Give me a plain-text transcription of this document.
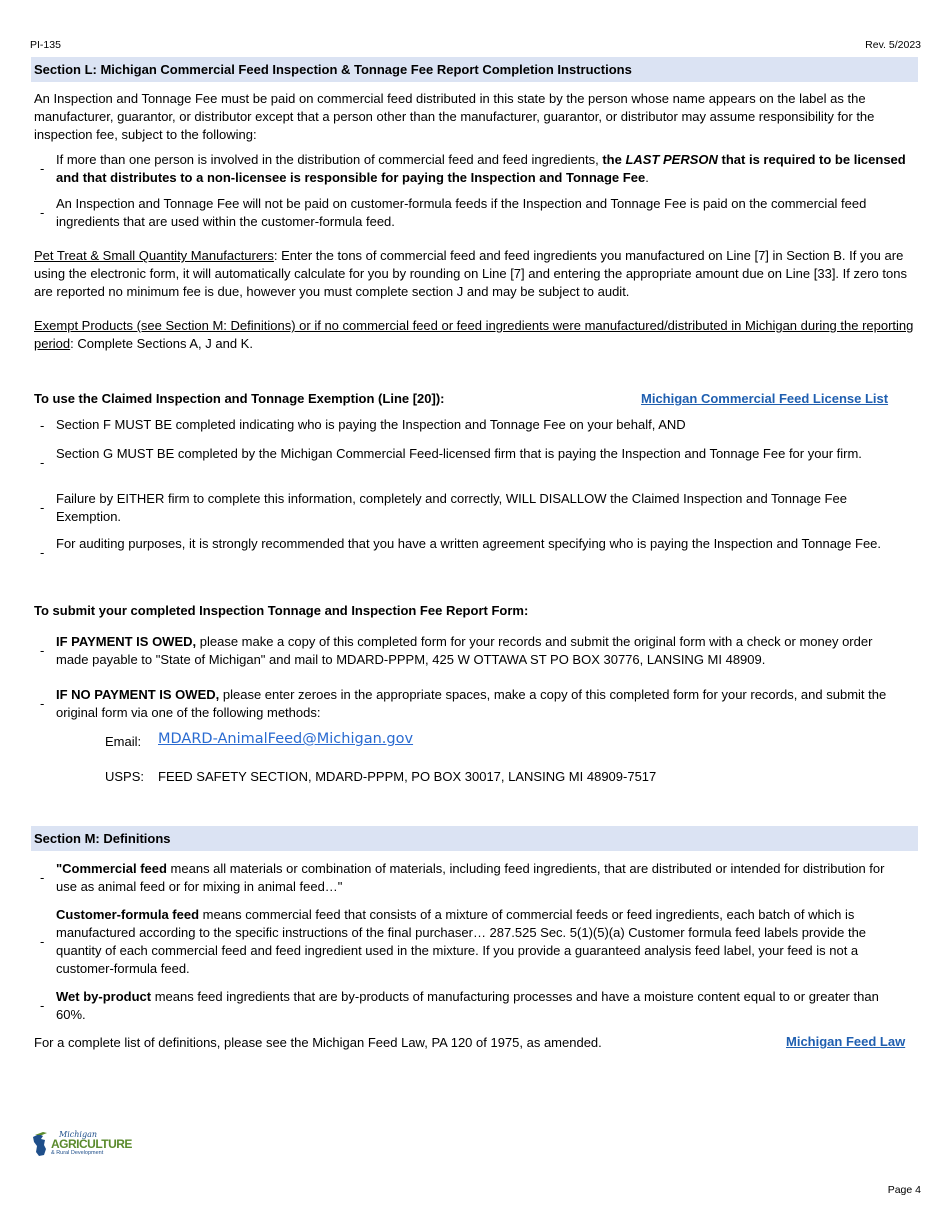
PI-135	Rev. 5/2023
Section L: Michigan Commercial Feed Inspection & Tonnage Fee Report Completion Instructions
An Inspection and Tonnage Fee must be paid on commercial feed distributed in this state by the person whose name appears on the label as the manufacturer, guarantor, or distributor except that a person other than the manufacturer, guarantor, or distributor may assume responsibility for the inspection fee, subject to the following:
-
If more than one person is involved in the distribution of commercial feed and feed ingredients, the LAST PERSON that is required to be licensed and that distributes to a non-licensee is responsible for paying the Inspection and Tonnage Fee.
-
An Inspection and Tonnage Fee will not be paid on customer-formula feeds if the Inspection and Tonnage Fee is paid on the commercial feed ingredients that are used within the customer-formula feed.
Pet Treat & Small Quantity Manufacturers: Enter the tons of commercial feed and feed ingredients you manufactured on Line [7] in Section B. If you are using the electronic form, it will automatically calculate for you by rounding on Line [7] and entering the appropriate amount due on Line [33]. If zero tons are reported no minimum fee is due, however you must complete section J and may be subject to audit.
Exempt Products (see Section M: Definitions) or if no commercial feed or feed ingredients were manufactured/distributed in Michigan during the reporting period: Complete Sections A, J and K.
To use the Claimed Inspection and Tonnage Exemption (Line [20]):	Michigan Commercial Feed License List
- Section F MUST BE completed indicating who is paying the Inspection and Tonnage Fee on your behalf, AND
-
Section G MUST BE completed by the Michigan Commercial Feed-licensed firm that is paying the Inspection and Tonnage Fee for your firm.
-
Failure by EITHER firm to complete this information, completely and correctly, WILL DISALLOW the Claimed Inspection and Tonnage Fee Exemption.
-
For auditing purposes, it is strongly recommended that you have a written agreement specifying who is paying the Inspection and Tonnage Fee.
To submit your completed Inspection Tonnage and Inspection Fee Report Form:
-
IF PAYMENT IS OWED, please make a copy of this completed form for your records and submit the original form with a check or money order made payable to "State of Michigan" and mail to MDARD-PPPM, 425 W OTTAWA ST PO BOX 30776, LANSING MI 48909.
-
IF NO PAYMENT IS OWED, please enter zeroes in the appropriate spaces, make a copy of this completed form for your records, and submit the original form via one of the following methods:
Email: MDARD-AnimalFeed@Michigan.gov
USPS: FEED SAFETY SECTION, MDARD-PPPM, PO BOX 30017, LANSING MI 48909-7517
Section M: Definitions
-
"Commercial feed means all materials or combination of materials, including feed ingredients, that are distributed or intended for distribution for use as animal feed or for mixing in animal feed…"
-
Customer-formula feed means commercial feed that consists of a mixture of commercial feeds or feed ingredients, each batch of which is manufactured according to the specific instructions of the final purchaser… 287.525 Sec. 5(1)(5)(a) Customer formula feed labels provide the quantity of each commercial feed and feed ingredient used in the mixture. If you provide a guaranteed analysis feed label, your feed is not a customer-formula feed.
-
Wet by-product means feed ingredients that are by-products of manufacturing processes and have a moisture content equal to or greater than 60%.
For a complete list of definitions, please see the Michigan Feed Law, PA 120 of 1975, as amended.	Michigan Feed Law
Michigan
AGRICULTURE
& Rural Development
Page 4
